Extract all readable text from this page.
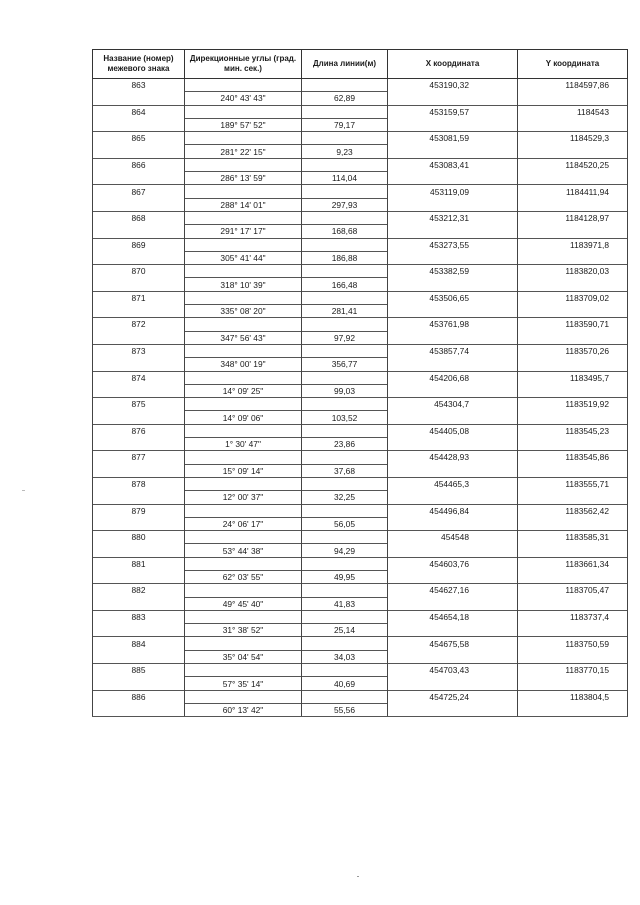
Название (номер) межевого знака	Дирекционные углы (град. мин. сек.)	Длина линии(м)	X координата	Y координата
863			453190,32	1184597,86
	240° 43' 43"	62,89		
864			453159,57	1184543
	189° 57' 52"	79,17		
865			453081,59	1184529,3
	281° 22' 15"	9,23		
866			453083,41	1184520,25
	286° 13' 59"	114,04		
867			453119,09	1184411,94
	288° 14' 01"	297,93		
868			453212,31	1184128,97
	291° 17' 17"	168,68		
869			453273,55	1183971,8
	305° 41' 44"	186,88		
870			453382,59	1183820,03
	318° 10' 39"	166,48		
871			453506,65	1183709,02
	335° 08' 20"	281,41		
872			453761,98	1183590,71
	347° 56' 43"	97,92		
873			453857,74	1183570,26
	348° 00' 19"	356,77		
874			454206,68	1183495,7
	14° 09' 25"	99,03		
875			454304,7	1183519,92
	14° 09' 06"	103,52		
876			454405,08	1183545,23
	1° 30' 47"	23,86		
877			454428,93	1183545,86
	15° 09' 14"	37,68		
878			454465,3	1183555,71
	12° 00' 37"	32,25		
879			454496,84	1183562,42
	24° 06' 17"	56,05		
880			454548	1183585,31
	53° 44' 38"	94,29		
881			454603,76	1183661,34
	62° 03' 55"	49,95		
882			454627,16	1183705,47
	49° 45' 40"	41,83		
883			454654,18	1183737,4
	31° 38' 52"	25,14		
884			454675,58	1183750,59
	35° 04' 54"	34,03		
885			454703,43	1183770,15
	57° 35' 14"	40,69		
886			454725,24	1183804,5
	60° 13' 42"	55,56		
